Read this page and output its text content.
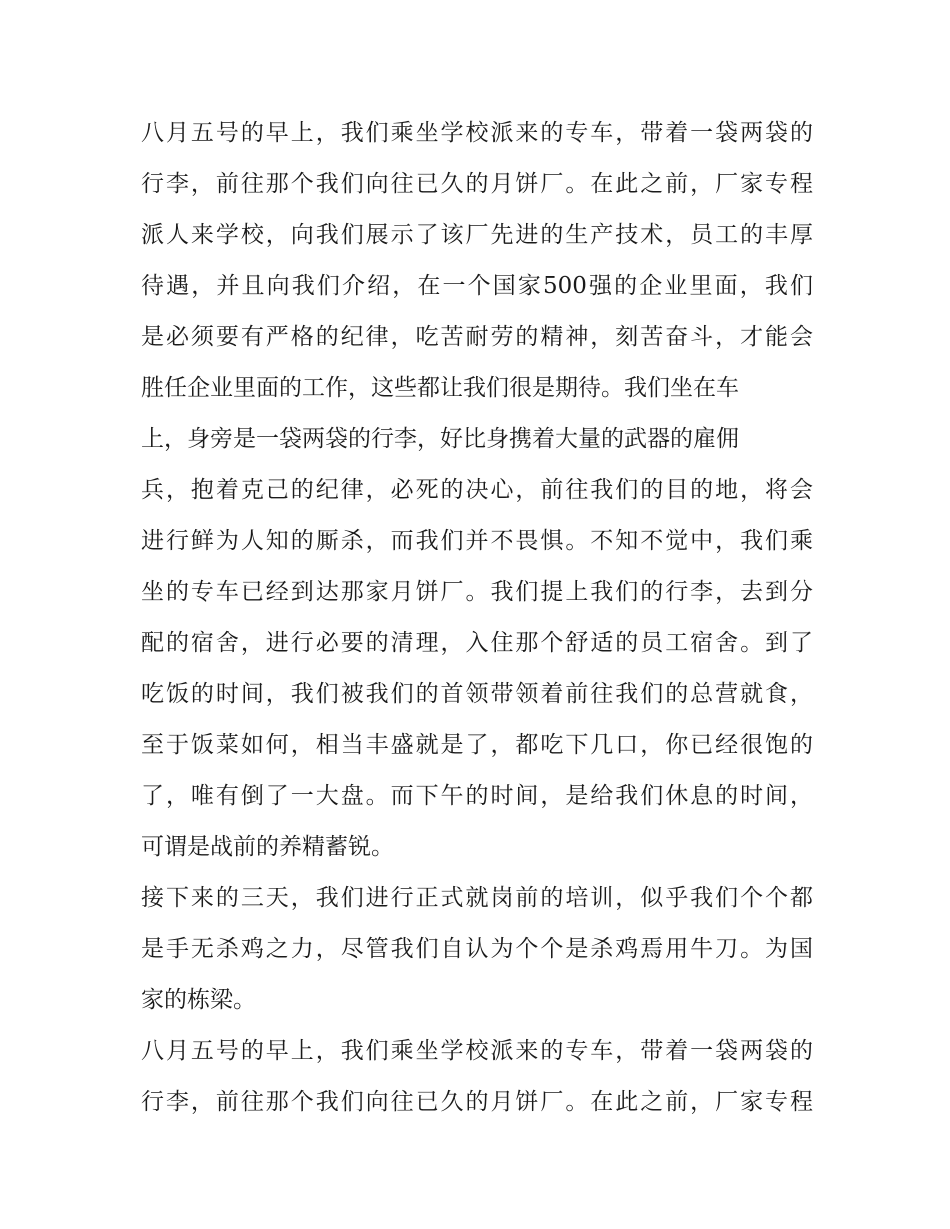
八月五号的早上，我们乘坐学校派来的专车，带着一袋两袋的
行李，前往那个我们向往已久的月饼厂。在此之前，厂家专程
派人来学校，向我们展示了该厂先进的生产技术，员工的丰厚
待遇，并且向我们介绍，在一个国家500强的企业里面，我们
是必须要有严格的纪律，吃苦耐劳的精神，刻苦奋斗，才能会
胜任企业里面的工作，这些都让我们很是期待。我们坐在车
上，身旁是一袋两袋的行李，好比身携着大量的武器的雇佣
兵，抱着克己的纪律，必死的决心，前往我们的目的地，将会
进行鲜为人知的厮杀，而我们并不畏惧。不知不觉中，我们乘
坐的专车已经到达那家月饼厂。我们提上我们的行李，去到分
配的宿舍，进行必要的清理，入住那个舒适的员工宿舍。到了
吃饭的时间，我们被我们的首领带领着前往我们的总营就食，
至于饭菜如何，相当丰盛就是了，都吃下几口，你已经很饱的
了，唯有倒了一大盘。而下午的时间，是给我们休息的时间，
可谓是战前的养精蓄锐。
接下来的三天，我们进行正式就岗前的培训，似乎我们个个都
是手无杀鸡之力，尽管我们自认为个个是杀鸡焉用牛刀。为国
家的栋梁。
八月五号的早上，我们乘坐学校派来的专车，带着一袋两袋的
行李，前往那个我们向往已久的月饼厂。在此之前，厂家专程
